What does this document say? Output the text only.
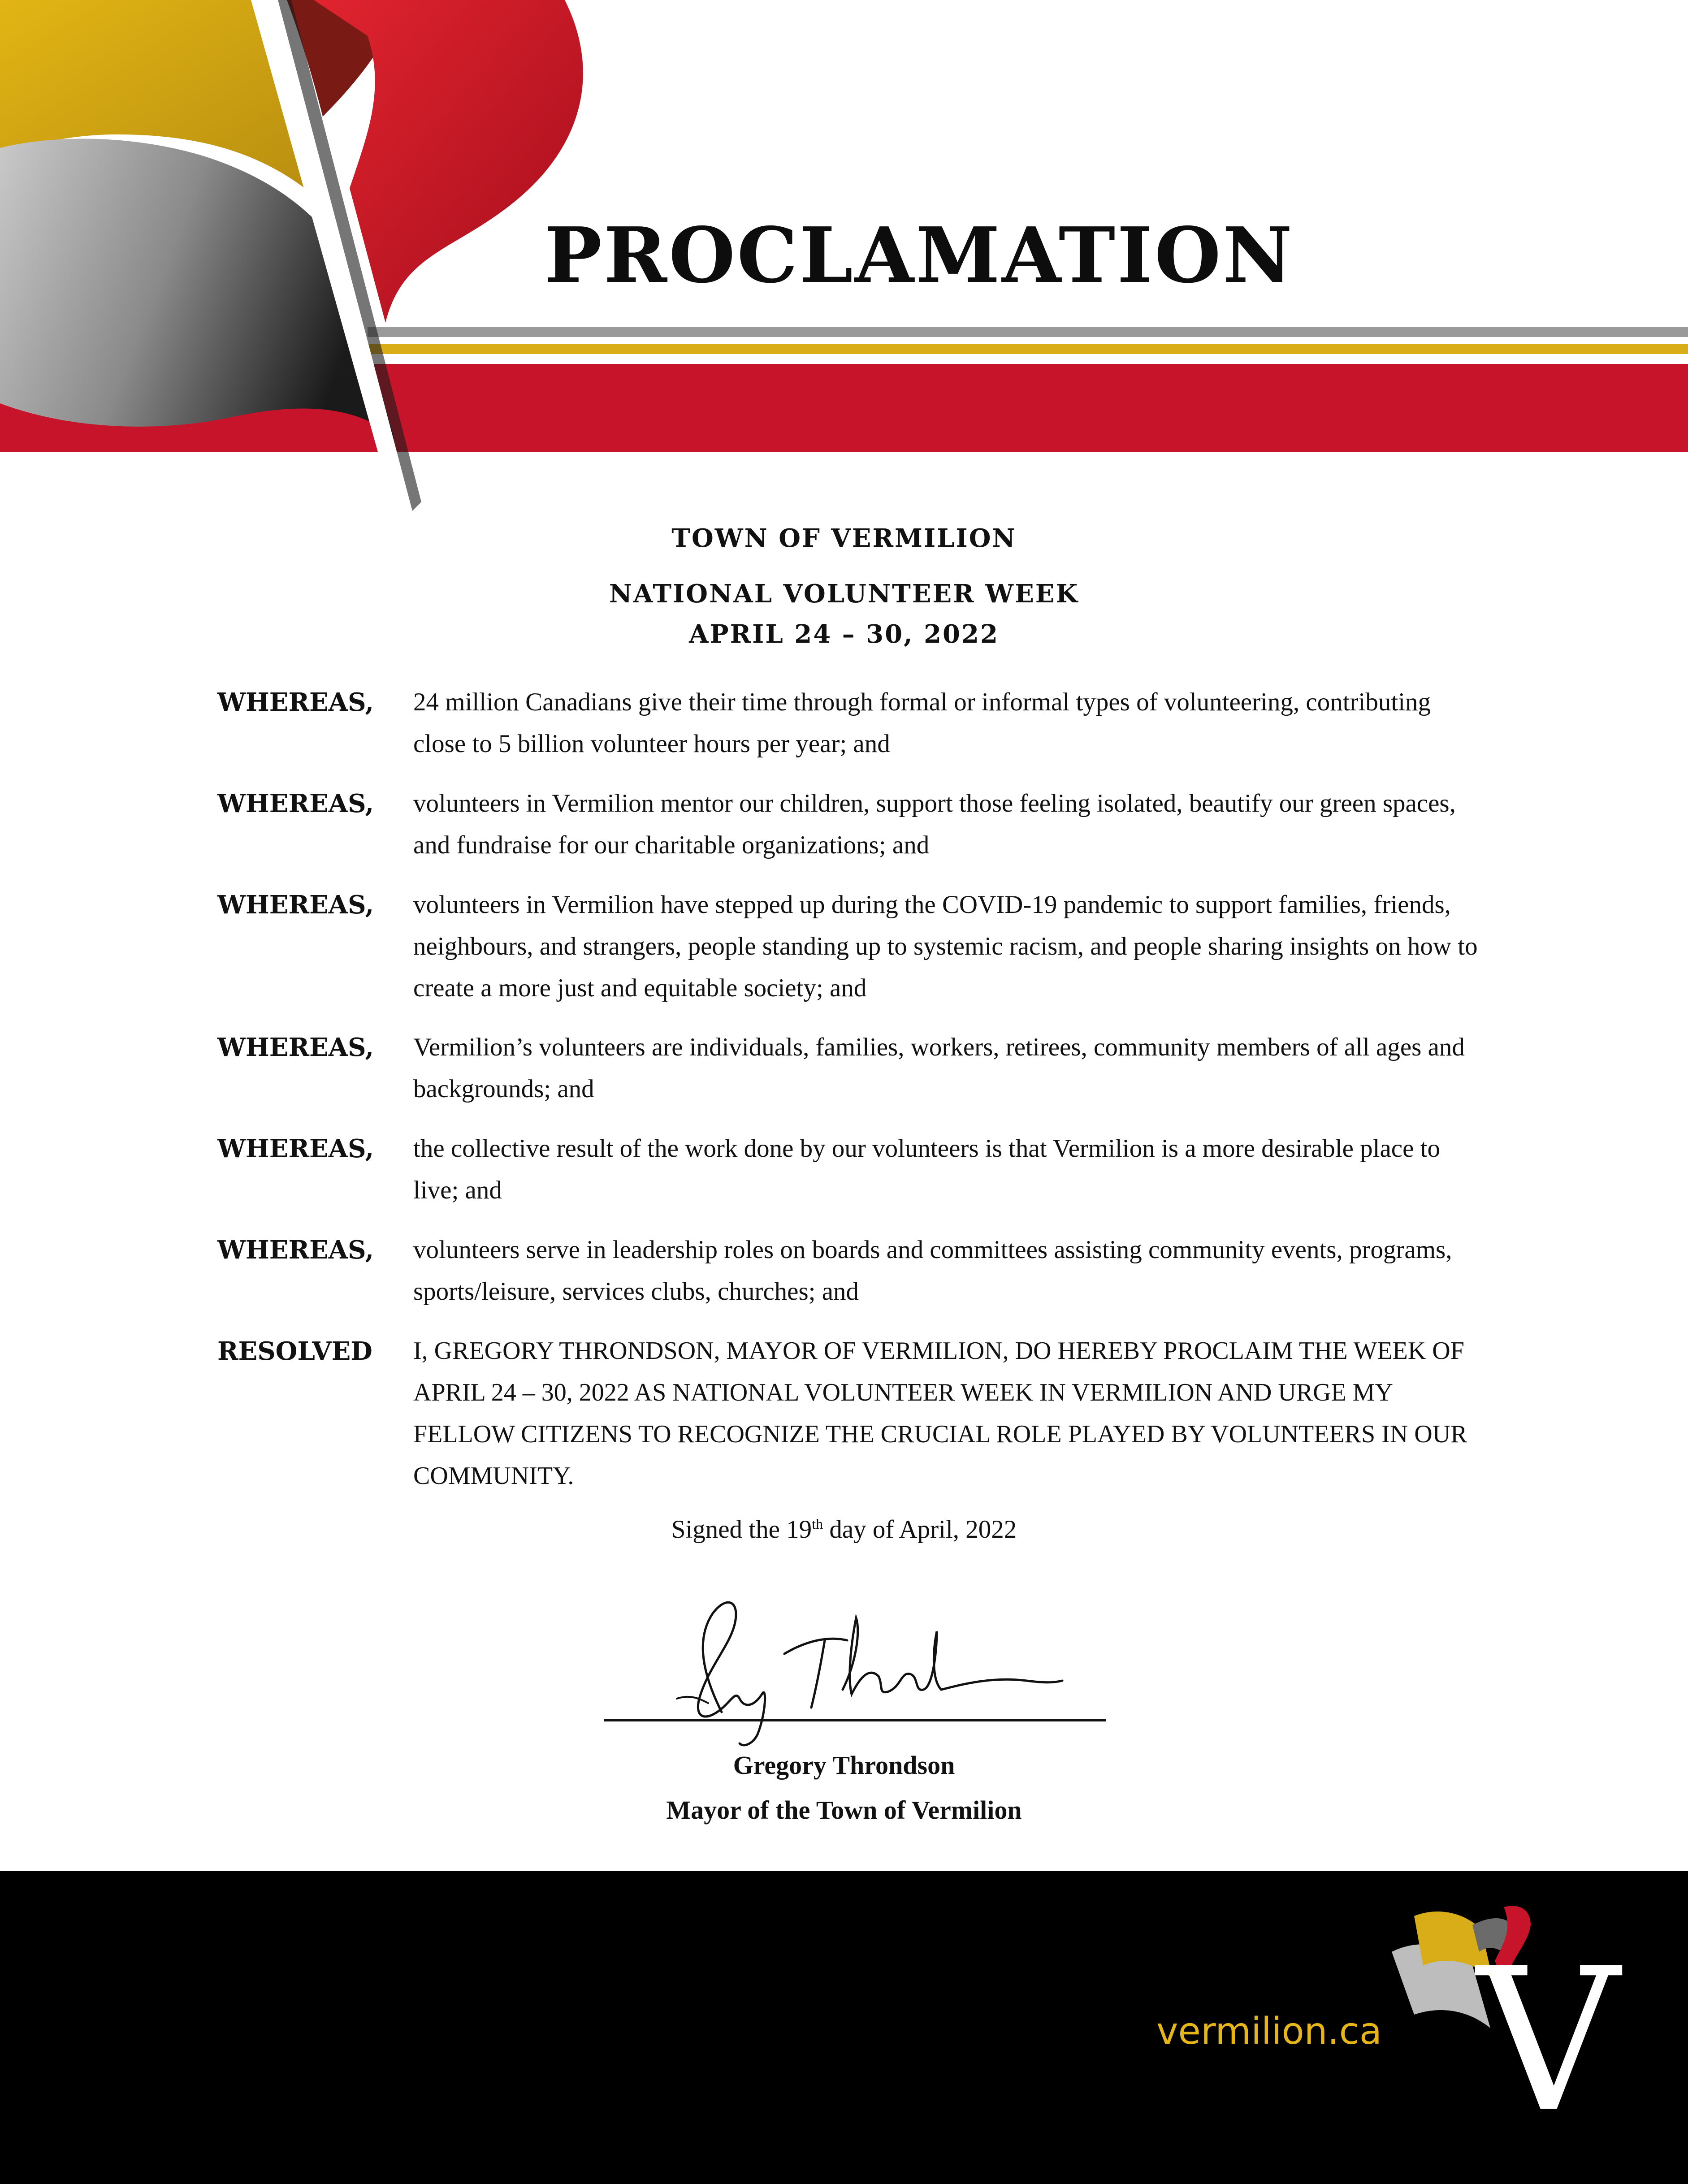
PROCLAMATION
TOWN OF VERMILION
NATIONAL VOLUNTEER WEEK
APRIL 24 – 30, 2022
WHEREAS, 24 million Canadians give their time through formal or informal types of volunteering, contributing close to 5 billion volunteer hours per year; and
WHEREAS, volunteers in Vermilion mentor our children, support those feeling isolated, beautify our green spaces, and fundraise for our charitable organizations; and
WHEREAS, volunteers in Vermilion have stepped up during the COVID-19 pandemic to support families, friends, neighbours, and strangers, people standing up to systemic racism, and people sharing insights on how to create a more just and equitable society; and
WHEREAS, Vermilion’s volunteers are individuals, families, workers, retirees, community members of all ages and backgrounds; and
WHEREAS, the collective result of the work done by our volunteers is that Vermilion is a more desirable place to live; and
WHEREAS, volunteers serve in leadership roles on boards and committees assisting community events, programs, sports/leisure, services clubs, churches; and
RESOLVED I, GREGORY THRONDSON, MAYOR OF VERMILION, DO HEREBY PROCLAIM THE WEEK OF APRIL 24 – 30, 2022 AS NATIONAL VOLUNTEER WEEK IN VERMILION AND URGE MY FELLOW CITIZENS TO RECOGNIZE THE CRUCIAL ROLE PLAYED BY VOLUNTEERS IN OUR COMMUNITY.
Signed the 19th day of April, 2022
Gregory Throndson
Mayor of the Town of Vermilion
vermilion.ca V
